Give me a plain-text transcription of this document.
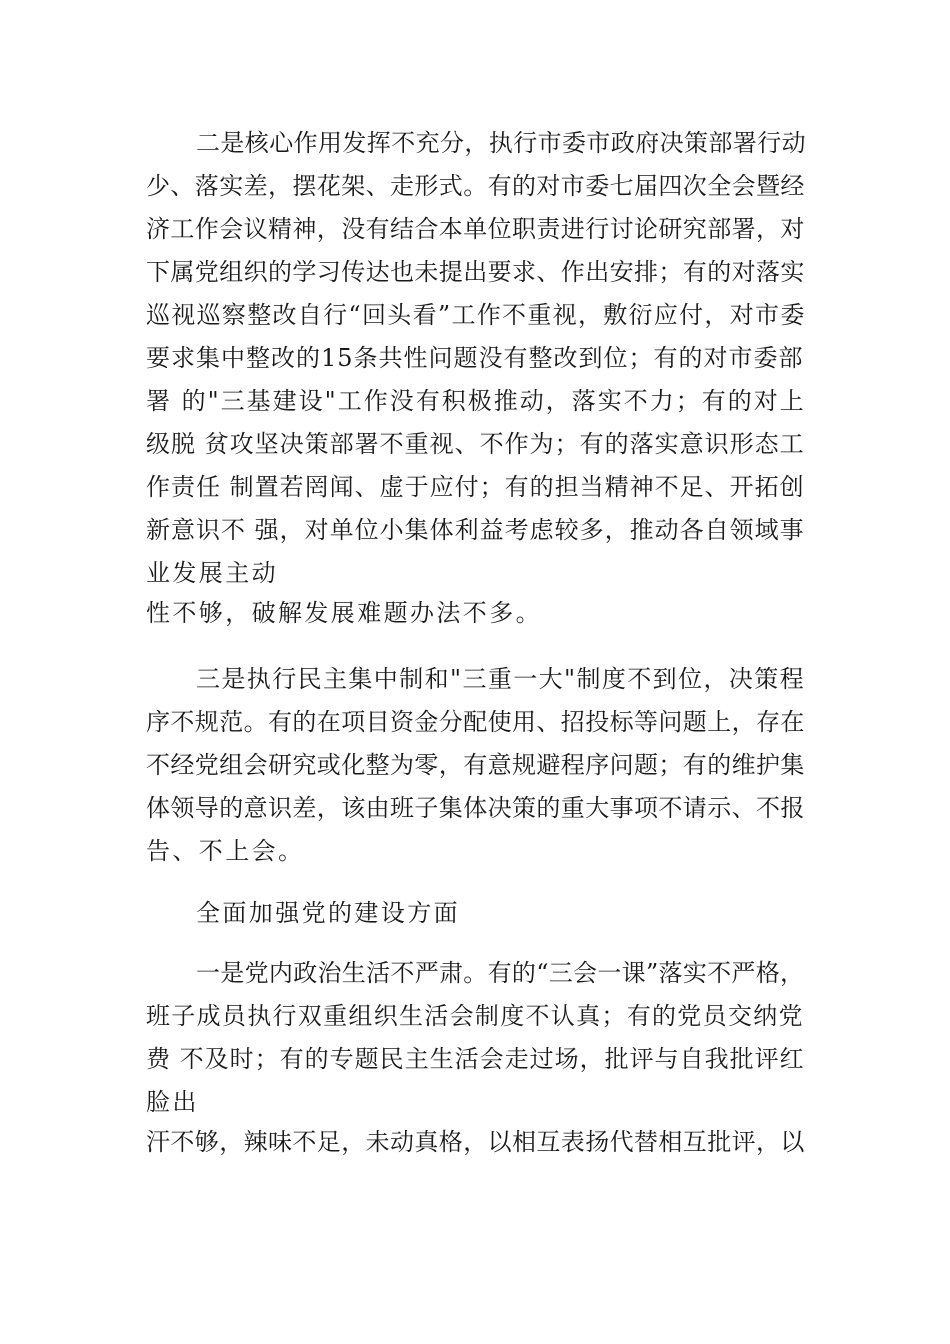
二是核心作用发挥不充分，执行市委市政府决策部署行动
少、落实差，摆花架、走形式。有的对市委七届四次全会暨经
济工作会议精神，没有结合本单位职责进行讨论研究部署，对
下属党组织的学习传达也未提出要求、作出安排；有的对落实
巡视巡察整改自行“回头看”工作不重视，敷衍应付，对市委
要求集中整改的15条共性问题没有整改到位；有的对市委部
署 的"三基建设"工作没有积极推动，落实不力；有的对上
级脱 贫攻坚决策部署不重视、不作为；有的落实意识形态工
作责任 制置若罔闻、虚于应付；有的担当精神不足、开拓创
新意识不 强，对单位小集体利益考虑较多，推动各自领域事
业发展主动
性不够，破解发展难题办法不多。
三是执行民主集中制和"三重一大"制度不到位，决策程
序不规范。有的在项目资金分配使用、招投标等问题上，存在
不经党组会研究或化整为零，有意规避程序问题；有的维护集
体领导的意识差，该由班子集体决策的重大事项不请示、不报
告、不上会。
全面加强党的建设方面
一是党内政治生活不严肃。有的“三会一课”落实不严格，
班子成员执行双重组织生活会制度不认真；有的党员交纳党
费 不及时；有的专题民主生活会走过场，批评与自我批评红
脸出
汗不够，辣味不足，未动真格，以相互表扬代替相互批评，以
